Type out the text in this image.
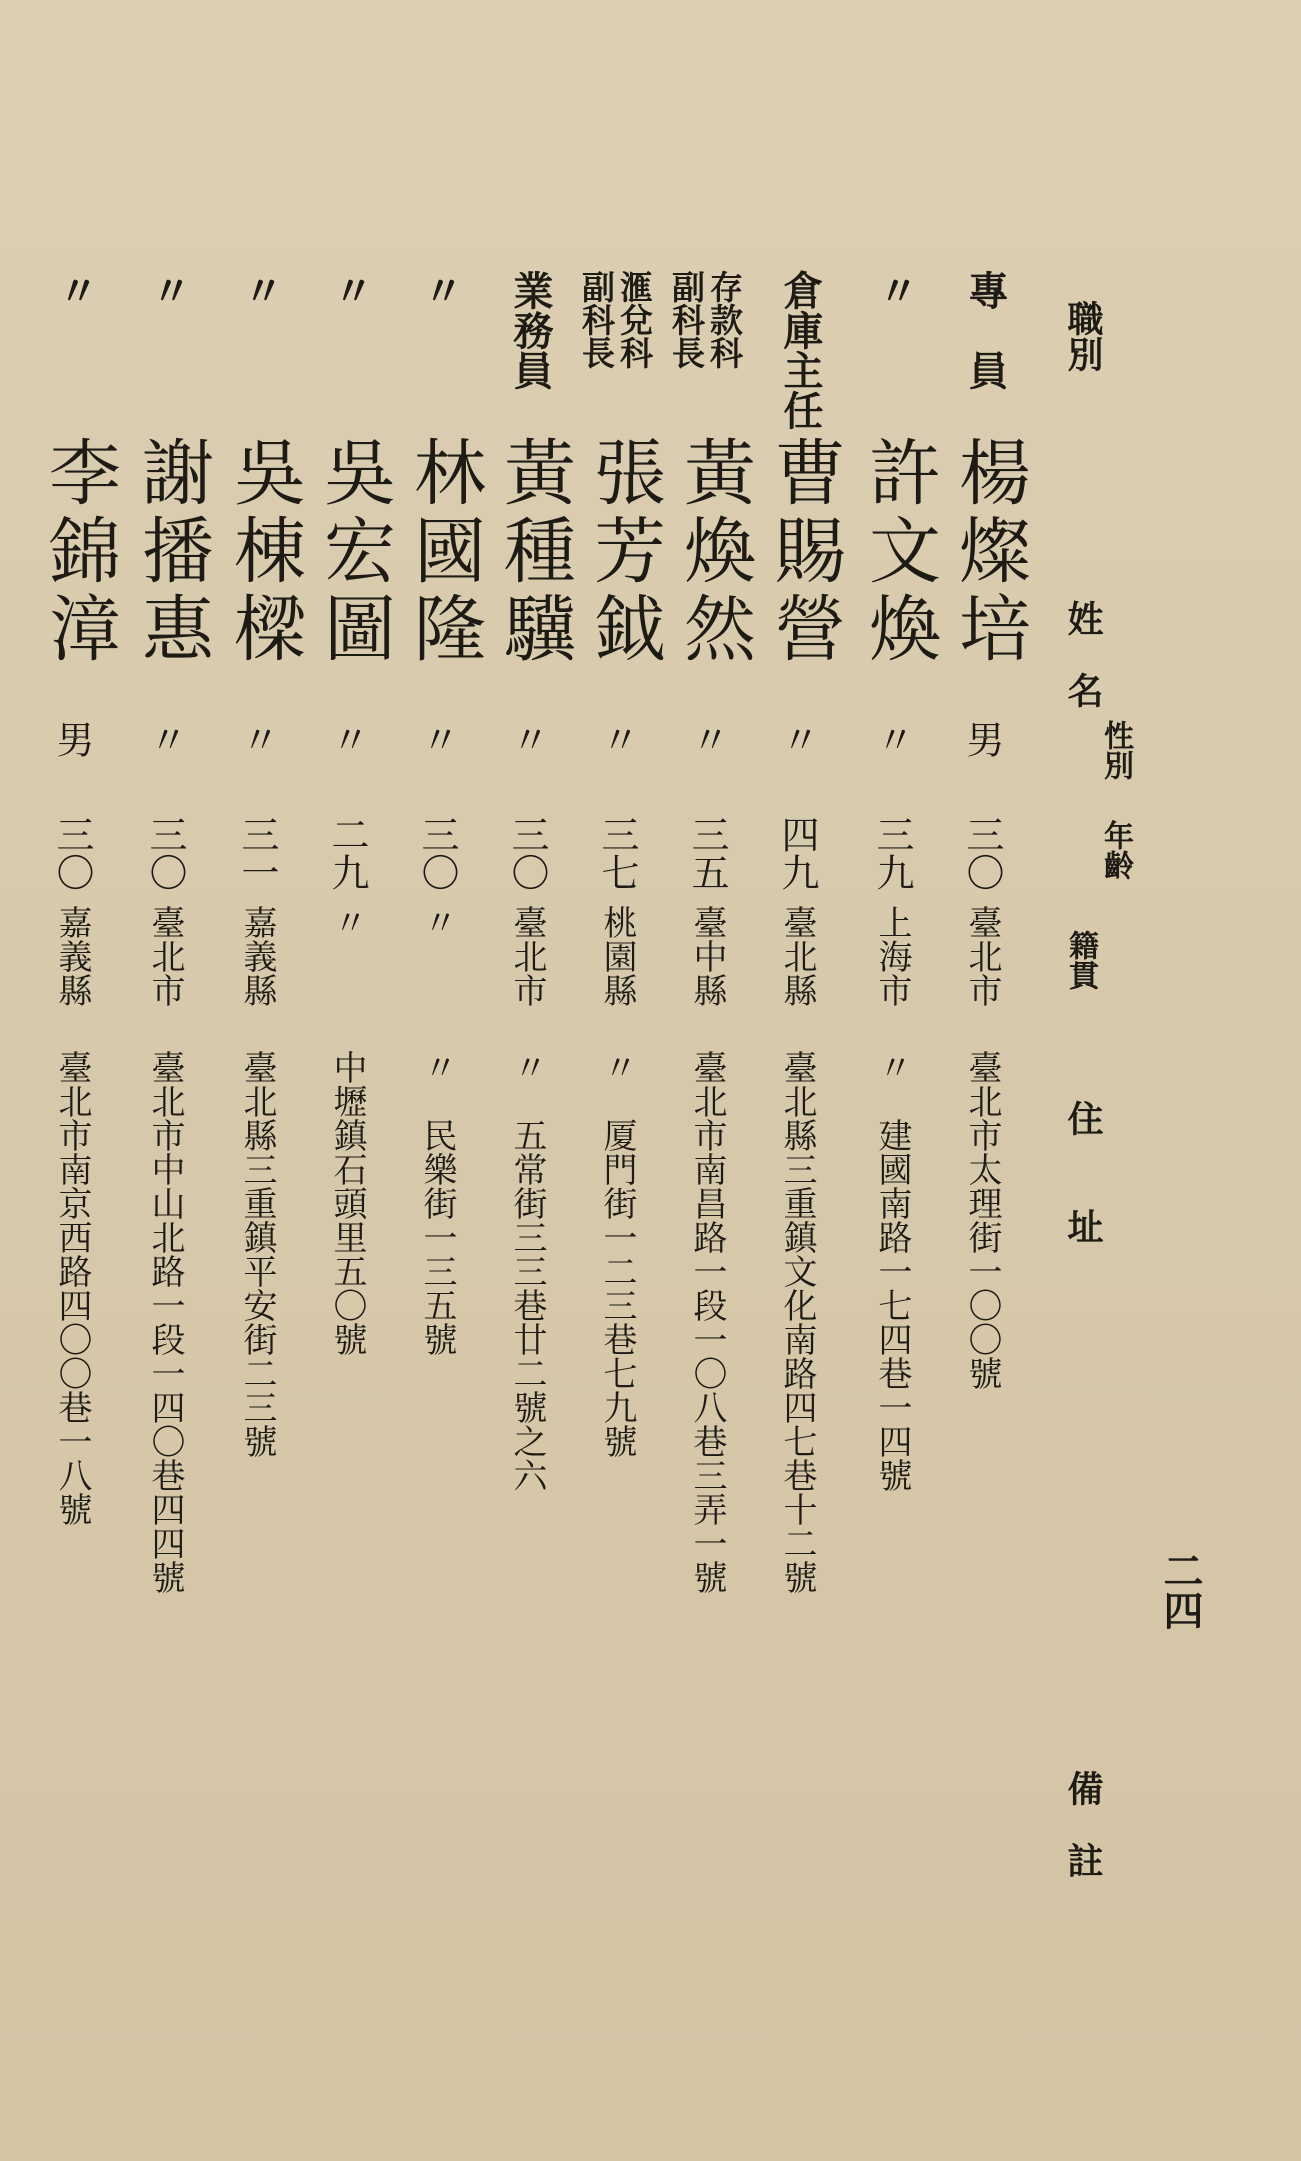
二四
職別
姓　名
性別
年齡
籍貫
住　　址
備　註
專　員
楊燦培
男
三〇
臺北市
臺北市太理街一〇〇號
〃
許文煥
〃
三九
上海市
〃　建國南路一七四巷一四號
倉庫主任
曹賜營
〃
四九
臺北縣
臺北縣三重鎮文化南路四七巷十二號
存款科
副科長
黃煥然
〃
三五
臺中縣
臺北市南昌路一段一〇八巷三弄一號
滙兌科
副科長
張芳鉞
〃
三七
桃園縣
〃　厦門街一二三巷七九號
業務員
黃種驥
〃
三〇
臺北市
〃　五常街三三巷廿二號之六
〃
林國隆
〃
三〇
〃
〃　民樂街一三五號
〃
吳宏圖
〃
二九
〃
中壢鎮石頭里五〇號
〃
吳棟樑
〃
三一
嘉義縣
臺北縣三重鎮平安街二三號
〃
謝播惠
〃
三〇
臺北市
臺北市中山北路一段一四〇巷四四號
〃
李錦漳
男
三〇
嘉義縣
臺北市南京西路四〇〇巷一八號
